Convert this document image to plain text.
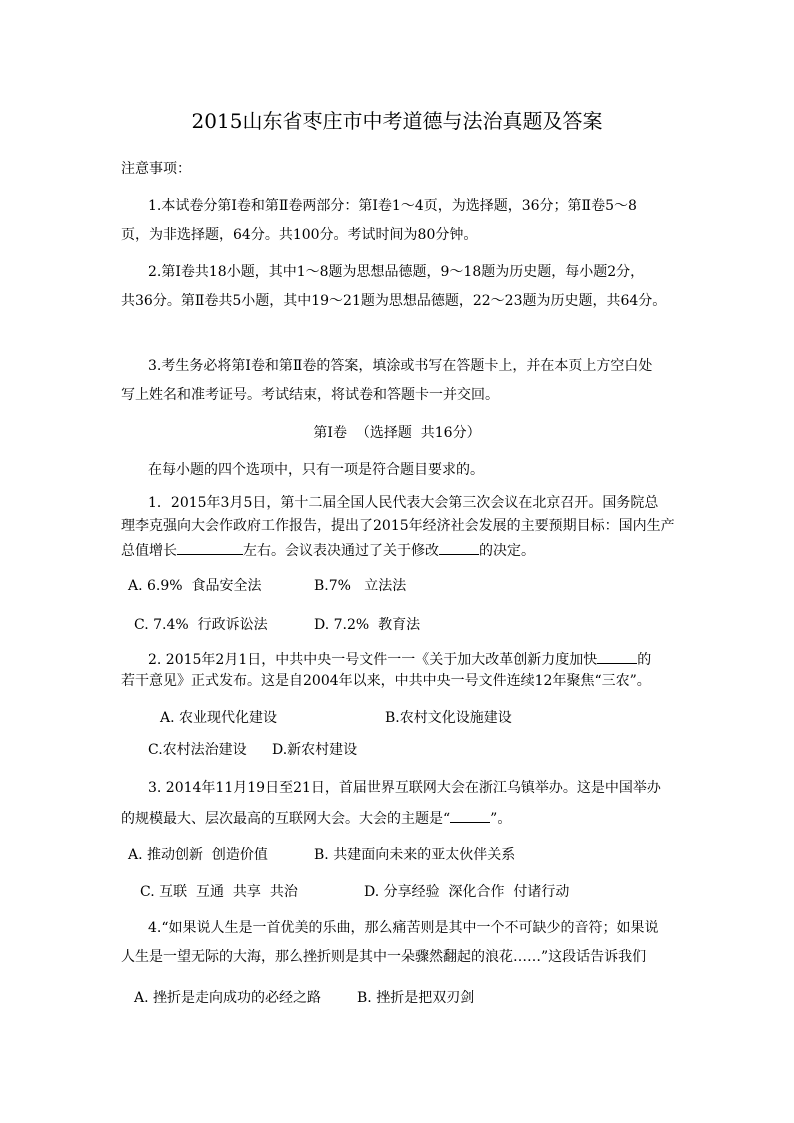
2015山东省枣庄市中考道德与法治真题及答案
注意事项：
1.本试卷分第Ⅰ卷和第Ⅱ卷两部分：第Ⅰ卷1～4页，为选择题，36分；第Ⅱ卷5～8
页，为非选择题，64分。共100分。考试时间为80分钟。
2.第Ⅰ卷共18小题，其中1～8题为思想品德题，9～18题为历史题，每小题2分，
共36分。第Ⅱ卷共5小题，其中19～21题为思想品德题，22～23题为历史题，共64分。
3.考生务必将第Ⅰ卷和第Ⅱ卷的答案，填涂或书写在答题卡上，并在本页上方空白处
写上姓名和准考证号。考试结束，将试卷和答题卡一并交回。
第Ⅰ卷  （选择题  共16分）
在每小题的四个选项中，只有一项是符合题目要求的。
1．2015年3月5日，第十二届全国人民代表大会第三次会议在北京召开。国务院总
理李克强向大会作政府工作报告，提出了2015年经济社会发展的主要预期目标：国内生产
总值增长	左右。会议表决通过了关于修改	的决定。
A. 6.9%  食品安全法	B.7%   立法法
C. 7.4%  行政诉讼法	D. 7.2%  教育法
2. 2015年2月1日，中共中央一号文件一一《关于加大改革创新力度加快	的
若干意见》正式发布。这是自2004年以来，中共中央一号文件连续12年聚焦“三农”。
A. 农业现代化建设	B.农村文化设施建设
C.农村法治建设 D.新农村建设
3. 2014年11月19日至21日，首届世界互联网大会在浙江乌镇举办。这是中国举办
的规模最大、层次最高的互联网大会。大会的主题是“	”。
A. 推动创新  创造价值	B. 共建面向未来的亚太伙伴关系
C. 互联  互通  共享  共治	D. 分享经验  深化合作  付诸行动
4.“如果说人生是一首优美的乐曲，那么痛苦则是其中一个不可缺少的音符；如果说
人生是一望无际的大海，那么挫折则是其中一朵骤然翻起的浪花……”这段话告诉我们
A. 挫折是走向成功的必经之路	B. 挫折是把双刃剑
